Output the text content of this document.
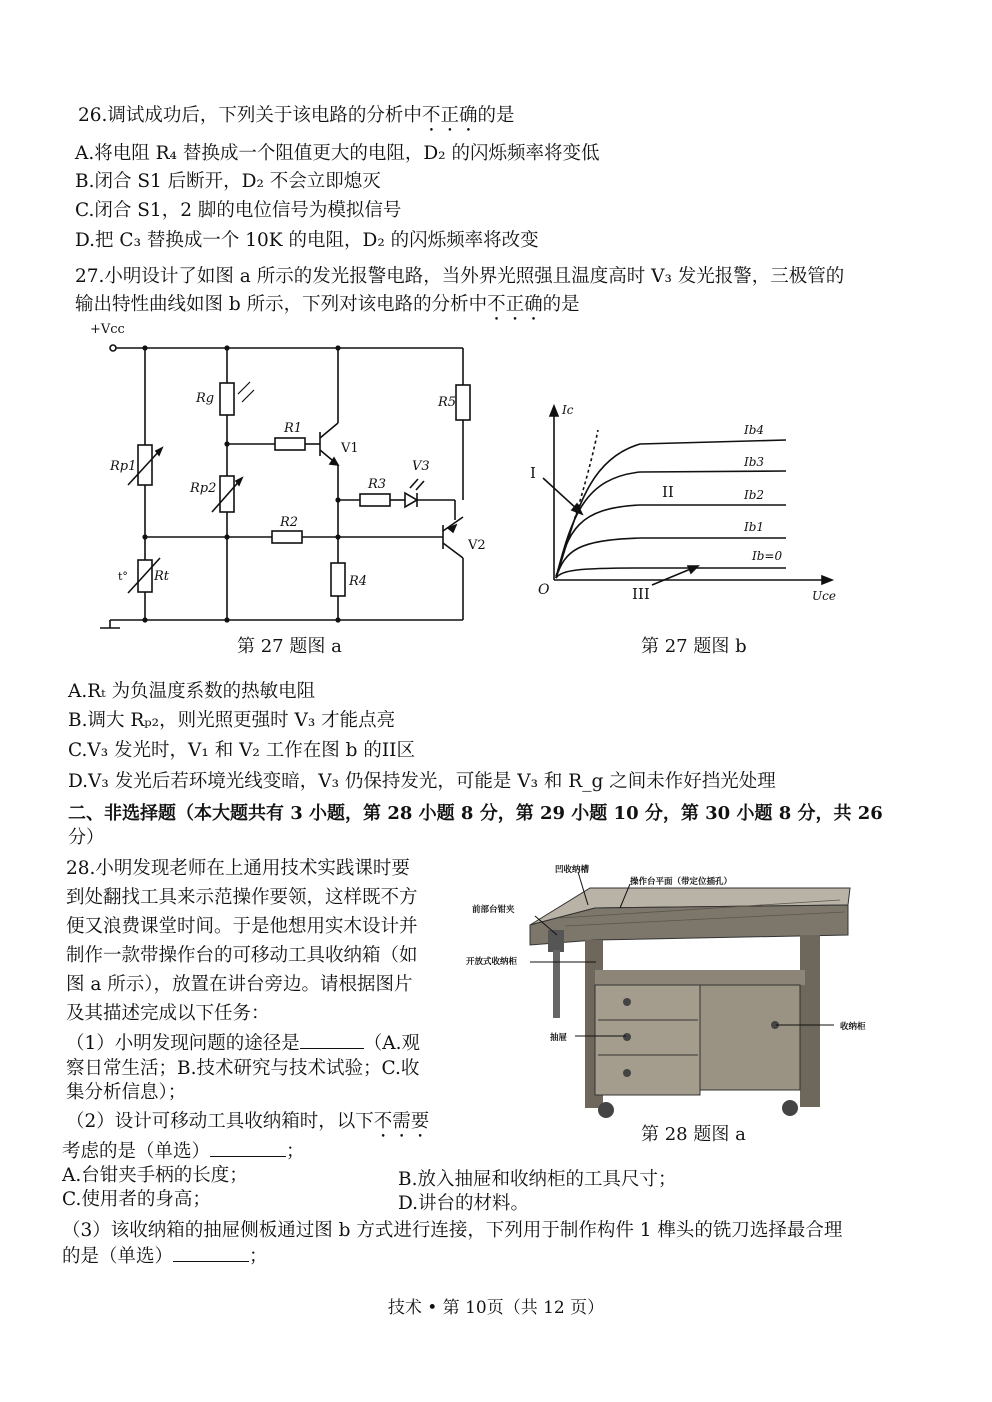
26.调试成功后，下列关于该电路的分析中不正确的是
A.将电阻 R₄ 替换成一个阻值更大的电阻，D₂ 的闪烁频率将变低
B.闭合 S1 后断开，D₂ 不会立即熄灭
C.闭合 S1，2 脚的电位信号为模拟信号
D.把 C₃ 替换成一个 10K 的电阻，D₂ 的闪烁频率将改变
27.小明设计了如图 a 所示的发光报警电路，当外界光照强且温度高时 V₃ 发光报警，三极管的
输出特性曲线如图 b 所示，下列对该电路的分析中不正确的是
+Vcc
Rg
R1
V1
R5
Rp1
Rp2	R3
V3
R2
V2
t° Rt	R4
Ic
Uce
O
I
II
III
Ib4
Ib3
Ib2
Ib1
Ib=0
第 27 题图 a	第 27 题图 b
A.Rₜ 为负温度系数的热敏电阻
B.调大 Rₚ₂，则光照更强时 V₃ 才能点亮
C.V₃ 发光时，V₁ 和 V₂ 工作在图 b 的II区
D.V₃ 发光后若环境光线变暗，V₃ 仍保持发光，可能是 V₃ 和 R_g 之间未作好挡光处理
二、非选择题（本大题共有 3 小题，第 28 小题 8 分，第 29 小题 10 分，第 30 小题 8 分，共 26
分）
28.小明发现老师在上通用技术实践课时要
到处翻找工具来示范操作要领，这样既不方
便又浪费课堂时间。于是他想用实木设计并
制作一款带操作台的可移动工具收纳箱（如
图 a 所示），放置在讲台旁边。请根据图片
及其描述完成以下任务：
（1）小明发现问题的途径是	（A.观
察日常生活；B.技术研究与技术试验；C.收
集分析信息）；
（2）设计可移动工具收纳箱时，以下不需要
考虑的是（单选）	；
A.台钳夹手柄的长度；	B.放入抽屉和收纳柜的工具尺寸；
C.使用者的身高；	D.讲台的材料。
（3）该收纳箱的抽屉侧板通过图 b 方式进行连接，下列用于制作构件 1 榫头的铣刀选择最合理
的是（单选）	；
凹收纳槽
操作台平面（带定位插孔）
前部台钳夹
开放式收纳柜
抽屉
收纳柜
第 28 题图 a
技术 • 第 10页（共 12 页）
